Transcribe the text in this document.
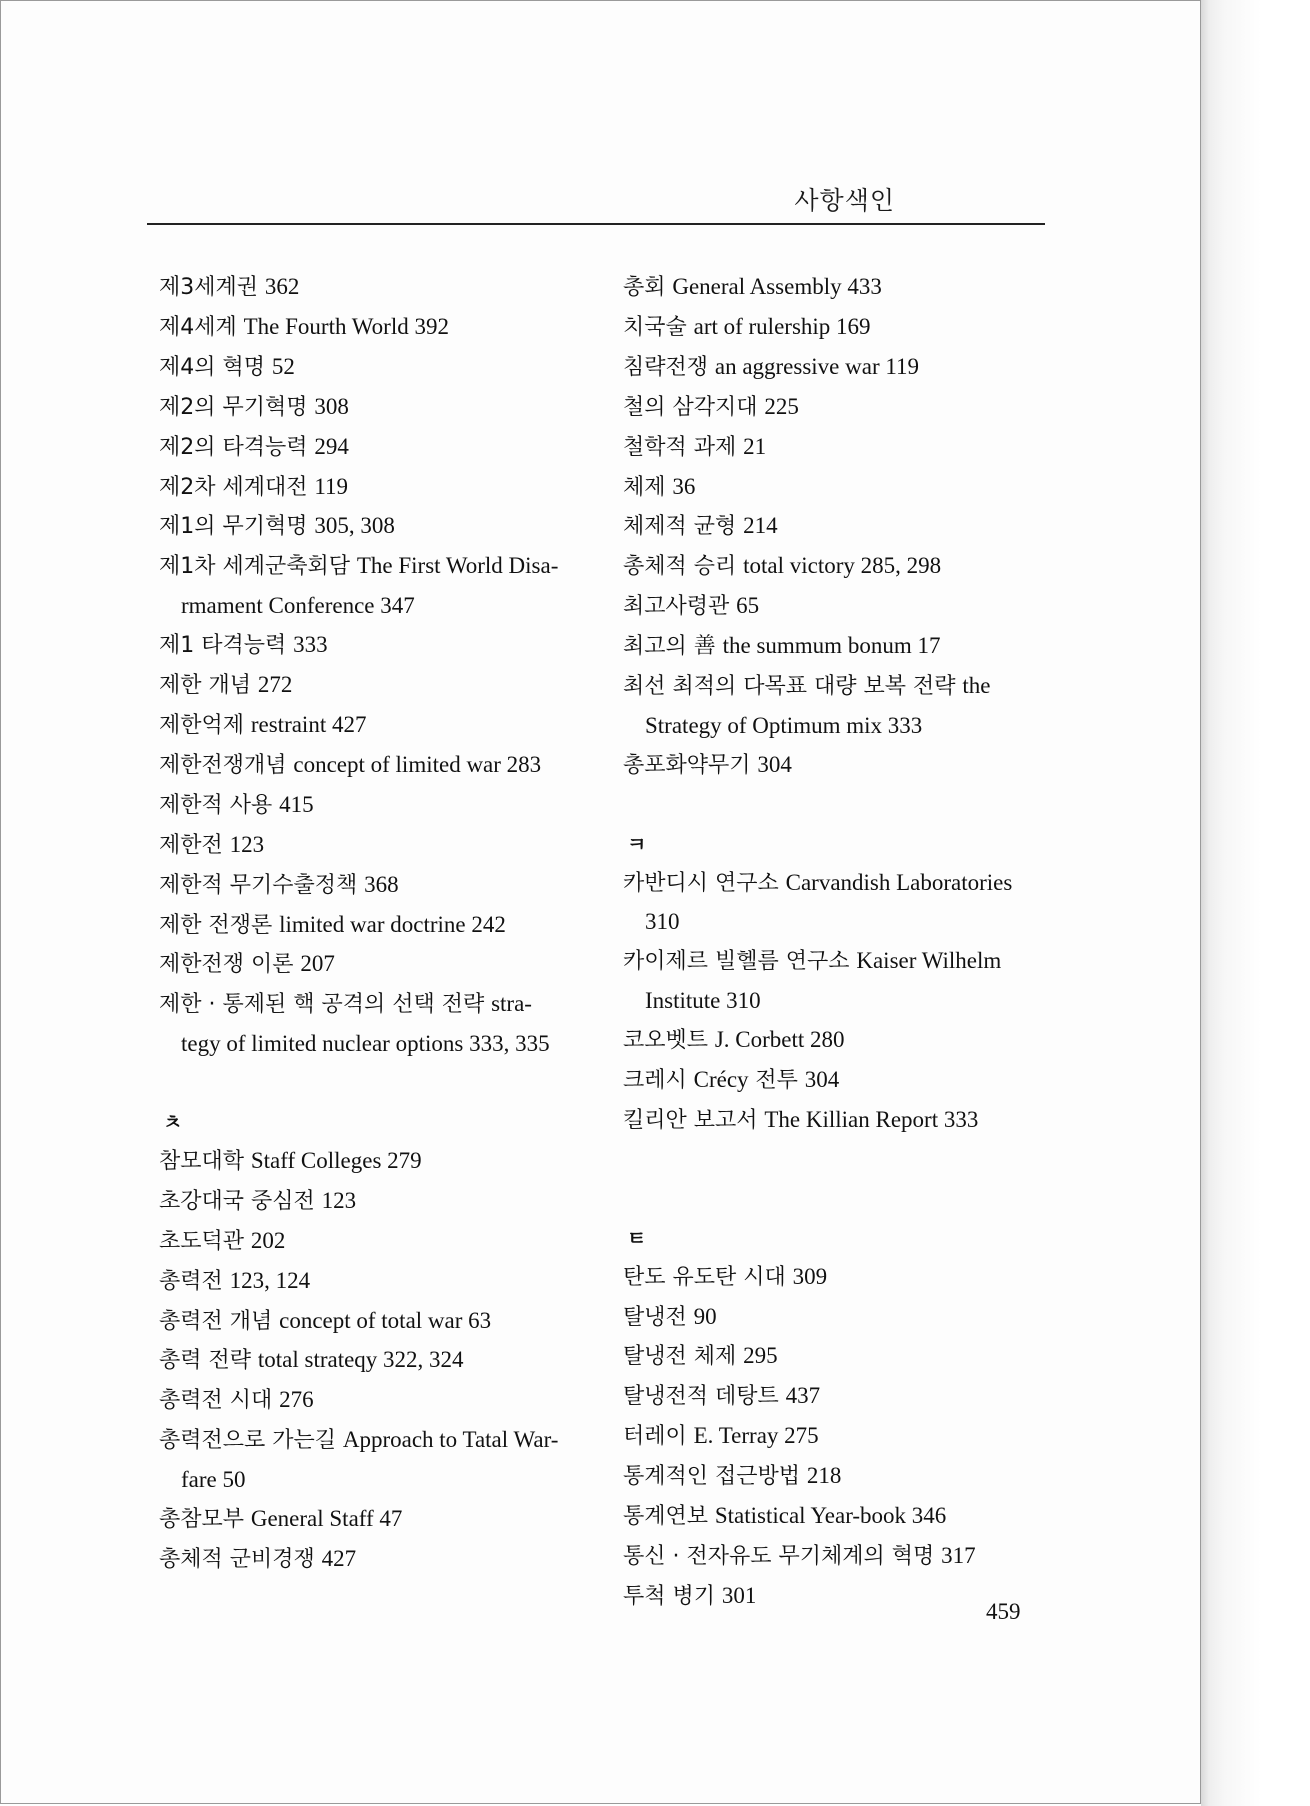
사항색인
제3세계권 362
제4세계 The Fourth World 392
제4의 혁명 52
제2의 무기혁명 308
제2의 타격능력 294
제2차 세계대전 119
제1의 무기혁명 305, 308
제1차 세계군축회담 The First World Disa-
rmament Conference 347
제1 타격능력 333
제한 개념 272
제한억제 restraint 427
제한전쟁개념 concept of limited war 283
제한적 사용 415
제한전 123
제한적 무기수출정책 368
제한 전쟁론 limited war doctrine 242
제한전쟁 이론 207
제한 · 통제된 핵 공격의 선택 전략 stra-
tegy of limited nuclear options 333, 335
ㅊ
참모대학 Staff Colleges 279
초강대국 중심전 123
초도덕관 202
총력전 123, 124
총력전 개념 concept of total war 63
총력 전략 total strateqy 322, 324
총력전 시대 276
총력전으로 가는길 Approach to Tatal War-
fare 50
총참모부 General Staff 47
총체적 군비경쟁 427
총회 General Assembly 433
치국술 art of rulership 169
침략전쟁 an aggressive war 119
철의 삼각지대 225
철학적 과제 21
체제 36
체제적 균형 214
총체적 승리 total victory 285, 298
최고사령관 65
최고의 善 the summum bonum 17
최선 최적의 다목표 대량 보복 전략 the
Strategy of Optimum mix 333
총포화약무기 304
ㅋ
카반디시 연구소 Carvandish Laboratories
310
카이제르 빌헬름 연구소 Kaiser Wilhelm
Institute 310
코오벳트 J. Corbett 280
크레시 Crécy 전투 304
킬리안 보고서 The Killian Report 333
ㅌ
탄도 유도탄 시대 309
탈냉전 90
탈냉전 체제 295
탈냉전적 데탕트 437
터레이 E. Terray 275
통계적인 접근방법 218
통계연보 Statistical Year-book 346
통신 · 전자유도 무기체계의 혁명 317
투척 병기 301
459
